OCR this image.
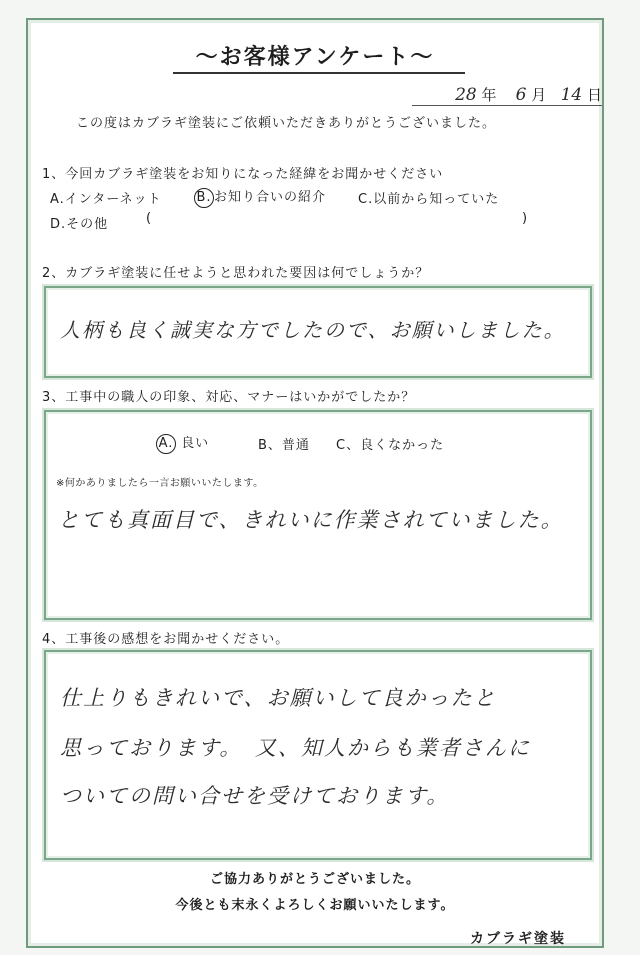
〜お客様アンケート〜
28 年 6 月 14 日
この度はカブラギ塗装にご依頼いただきありがとうございました。
1、今回カブラギ塗装をお知りになった経緯をお聞かせください
A.インターネット	B. お知り合いの紹介 C.以前から知っていた
D.その他	(	)
2、カブラギ塗装に任せようと思われた要因は何でしょうか？
人柄も良く誠実な方でしたので、お願いしました。
3、工事中の職人の印象、対応、マナーはいかがでしたか？
A. 良い	B、普通 C、良くなかった
※何かありましたら一言お願いいたします。
とても真面目で、きれいに作業されていました。
4、工事後の感想をお聞かせください。
仕上りもきれいで、お願いして良かったと
思っております。　又、知人からも業者さんに
ついての問い合せを受けております。
ご協力ありがとうございました。
今後とも末永くよろしくお願いいたします。
カブラギ塗装
